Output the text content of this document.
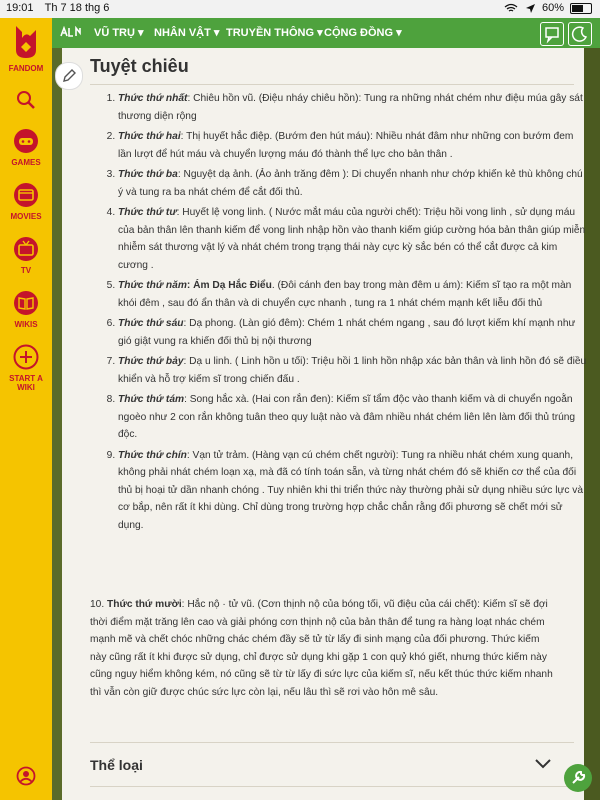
19:01 Th 7 18 thg 6	60%
FANDOM
GAMES
MOVIES
TV
WIKIS
START A WIKI
VŨ TRỤ ▾ NHÂN VẬT ▾ TRUYỀN THÔNG ▾ CỘNG ĐỒNG ▾
Tuyệt chiêu
1. Thức thứ nhất: Chiêu hồn vũ. (Điệu nháy chiêu hồn): Tung ra những nhát chém như điệu múa gây sát thương diện rộng
2. Thức thứ hai: Thị huyết hắc điệp. (Bướm đen hút máu): Nhiều nhát đâm như những con bướm đem lần lượt để hút máu và chuyển lượng máu đó thành thể lực cho bản thân .
3. Thức thứ ba: Nguyệt dạ ảnh. (Ảo ảnh trăng đêm ): Di chuyển nhanh như chớp khiến kẻ thù không chú ý và tung ra ba nhát chém để cắt đối thủ.
4. Thức thứ tư: Huyết lệ vong linh. ( Nước mắt máu của người chết): Triệu hồi vong linh , sử dụng máu của bản thân lên thanh kiếm để vong linh nhập hồn vào thanh kiếm giúp cường hóa bản thân giúp miễn nhiễm sát thương vật lý và nhát chém trong trạng thái này cực kỳ sắc bén có thể cắt được cả kim cương .
5. Thức thứ năm: Ám Dạ Hắc Điểu. (Đôi cánh đen bay trong màn đêm u ám): Kiếm sĩ tạo ra một màn khói đêm , sau đó ẩn thân và di chuyển cực nhanh , tung ra 1 nhát chém mạnh kết liễu đối thủ
6. Thức thứ sáu: Dạ phong. (Làn gió đêm): Chém 1 nhát chém ngang , sau đó lượt kiếm khí mạnh như gió giật vung ra khiến đối thủ bị nội thương
7. Thức thứ bảy: Dạ u linh. ( Linh hồn u tối): Triệu hồi 1 linh hồn nhập xác bản thân và linh hồn đó sẽ điều khiển và hỗ trợ kiếm sĩ trong chiến đấu .
8. Thức thứ tám: Song hắc xà. (Hai con rắn đen): Kiếm sĩ tẩm độc vào thanh kiếm và di chuyển ngoằn ngoèo như 2 con rắn không tuân theo quy luật nào và đâm nhiều nhát chém liên lên làm đối thủ trúng độc.
9. Thức thứ chín: Vạn tử trảm. (Hàng vạn cú chém chết người): Tung ra nhiều nhát chém xung quanh, không phải nhát chém loạn xạ, mà đã có tính toán sẵn, và từng nhát chém đó sẽ khiến cơ thể của đối thủ bị hoại tử dần nhanh chóng . Tuy nhiên khi thi triển thức này thường phải sử dụng nhiều sức lực và cơ bắp, nên rất ít khi dùng. Chỉ dùng trong trường hợp chắc chắn rằng đối phương sẽ chết mới sử dụng.

10. Thức thứ mười: Hắc nộ · tử vũ. (Cơn thịnh nộ của bóng tối, vũ điệu của cái chết): Kiếm sĩ sẽ đợi thời điểm mặt trăng lên cao và giải phóng cơn thịnh nộ của bản thân để tung ra hàng loạt nhác chém mạnh mẽ và chết chóc những chác chém đầy sẽ tử từ lấy đi sinh mạng của đối phương. Thức kiếm này cũng rất ít khi được sử dụng, chỉ được sử dụng khi gặp 1 con quỷ khó giết, nhưng thức kiếm này cũng nguy hiểm không kém, nó cũng sẽ từ từ lấy đi sức lực của kiếm sĩ, nếu kết thúc thức kiếm nhanh thì vẫn còn giữ được chúc sức lực còn lại, nếu lâu thì sẽ rơi vào hôn mê sâu.

Thể loại
